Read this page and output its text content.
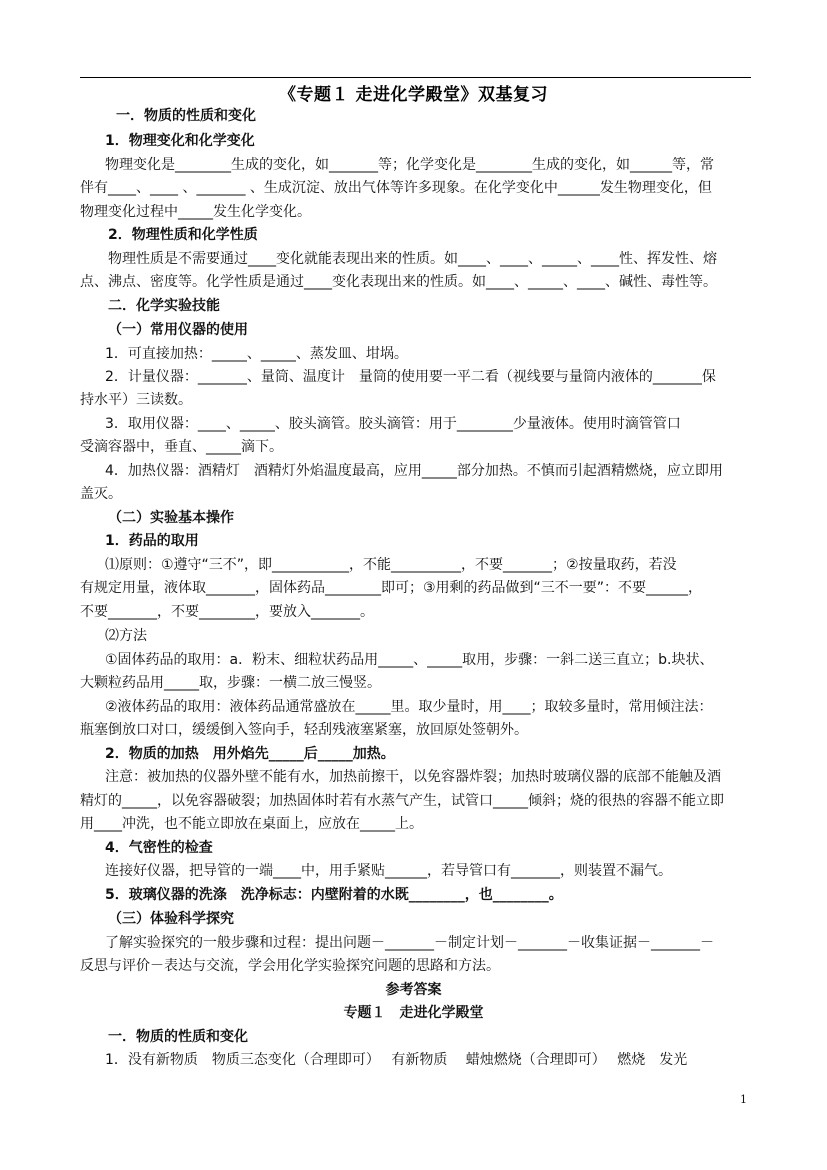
《专题１ 走进化学殿堂》双基复习
一．物质的性质和变化
1．物理变化和化学变化
物理变化是________生成的变化，如_______等；化学变化是________生成的变化，如______等，常
伴有____、____ 、_______ 、生成沉淀、放出气体等许多现象。在化学变化中______发生物理变化，但
物理变化过程中_____发生化学变化。
2．物理性质和化学性质
物理性质是不需要通过____变化就能表现出来的性质。如____、____、_____、____性、挥发性、熔
点、沸点、密度等。化学性质是通过____变化表现出来的性质。如____、_____、____、碱性、毒性等。
二．化学实验技能
（一）常用仪器的使用
1．可直接加热：_____、_____、蒸发皿、坩埚。
2．计量仪器：_______、量筒、温度计　量筒的使用要一平二看（视线要与量筒内液体的_______保
持水平）三读数。
3．取用仪器：____、_____、胶头滴管。胶头滴管：用于________少量液体。使用时滴管管口
受滴容器中，垂直、_____滴下。
4．加热仪器：酒精灯　酒精灯外焰温度最高，应用_____部分加热。不慎而引起酒精燃烧，应立即用
盖灭。
（二）实验基本操作
1．药品的取用
⑴原则：①遵守“三不”，即___________，不能__________，不要_______；②按量取药，若没
有规定用量，液体取_______，固体药品________即可；③用剩的药品做到“三不一要”：不要______，
不要_______，不要________，要放入_______。
⑵方法
①固体药品的取用：a．粉末、细粒状药品用_____、_____取用，步骤：一斜二送三直立；b.块状、
大颗粒药品用_____取，步骤：一横二放三慢竖。
②液体药品的取用：液体药品通常盛放在_____里。取少量时，用____；取较多量时，常用倾注法：
瓶塞倒放口对口，缓缓倒入签向手，轻刮残液塞紧塞，放回原处签朝外。
2．物质的加热　用外焰先_____后_____加热。
注意：被加热的仪器外壁不能有水，加热前擦干，以免容器炸裂；加热时玻璃仪器的底部不能触及酒
精灯的_____，以免容器破裂；加热固体时若有水蒸气产生，试管口_____倾斜；烧的很热的容器不能立即
用____冲洗，也不能立即放在桌面上，应放在_____上。
4．气密性的检查
连接好仪器，把导管的一端____中，用手紧贴______，若导管口有_______，则装置不漏气。
5．玻璃仪器的洗涤　洗净标志：内壁附着的水既________，也________。
（三）体验科学探究
了解实验探究的一般步骤和过程：提出问题－_______－制定计划－_______－收集证据－_______－
反思与评价－表达与交流，学会用化学实验探究问题的思路和方法。
参考答案
专题１　走进化学殿堂
一．物质的性质和变化
1．没有新物质　物质三态变化（合理即可）　 有新物质　 蜡烛燃烧（合理即可）　 燃烧　发光
1
